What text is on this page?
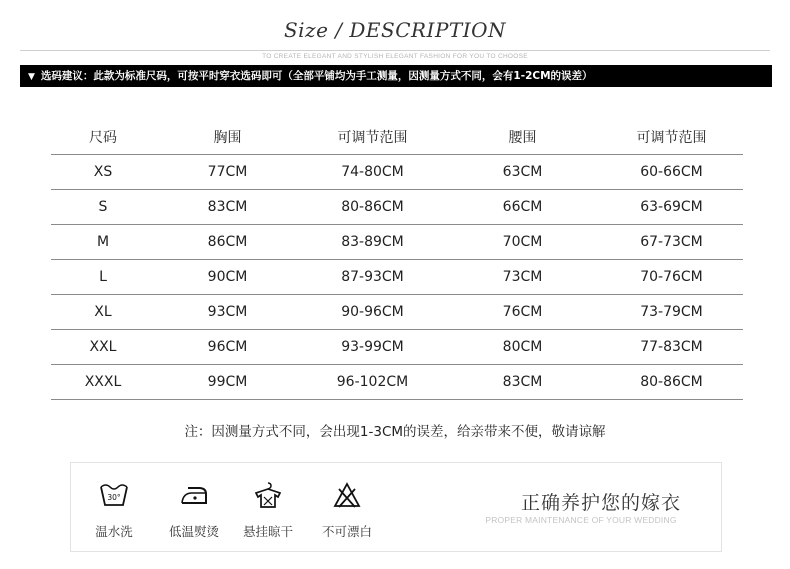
Size / DESCRIPTION
TO CREATE ELEGANT AND STYLISH ELEGANT FASHION FOR YOU TO CHOOSE
▼ 选码建议：此款为标准尺码，可按平时穿衣选码即可（全部平铺均为手工测量，因测量方式不同，会有1-2CM的误差）
尺码	胸围	可调节范围	腰围	可调节范围
XS	77CM	74-80CM	63CM	60-66CM
S	83CM	80-86CM	66CM	63-69CM
M	86CM	83-89CM	70CM	67-73CM
L	90CM	87-93CM	73CM	70-76CM
XL	93CM	90-96CM	76CM	73-79CM
XXL	96CM	93-99CM	80CM	77-83CM
XXXL	99CM	96-102CM	83CM	80-86CM
注：因测量方式不同，会出现1-3CM的误差，给亲带来不便，敬请谅解
30°
温水洗	低温熨烫	悬挂晾干	不可漂白
正确养护您的嫁衣
PROPER MAINTENANCE OF YOUR WEDDING
